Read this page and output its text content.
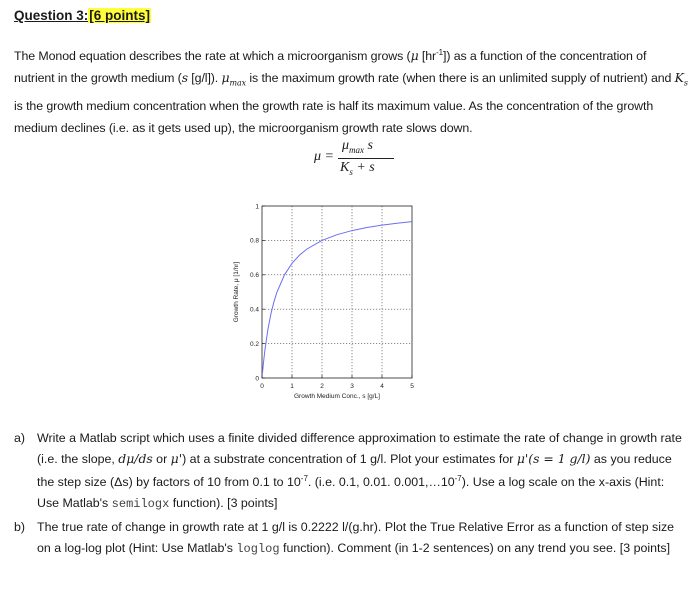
Question 3:[6 points]
The Monod equation describes the rate at which a microorganism grows (μ $[hr^{-1}]$) as a function of the concentration of nutrient in the growth medium (s [g/l]). $\mu_{max}$ is the maximum growth rate (when there is an unlimited supply of nutrient) and $K_s$ is the growth medium concentration when the growth rate is half its maximum value. As the concentration of the growth medium declines (i.e. as it gets used up), the microorganism growth rate slows down.
μ =
$\mu_{max}$ s
$K_s + s$
0	1	2	3	4	5
0
0.2
0.4
0.6
0.8
1
Growth Medium Conc., s [g/L]
Growth Rate, μ [1/hr]
a) Write a Matlab script which uses a finite divided difference approximation to estimate the rate of change in growth rate (i.e. the slope, dμ/ds or μ') at a substrate concentration of 1 g/l. Plot your estimates for μ'(s = 1 g/l) as you reduce the step size (Δs) by factors of 10 from 0.1 to $10^{-7}$. (i.e. 0.1, 0.01. $0.001,\dots 10^{-7}$). Use a log scale on the x-axis (Hint: Use Matlab's semilogx function). [3 points]
b) The true rate of change in growth rate at 1 g/l is 0.2222 l/(g.hr). Plot the True Relative Error as a function of step size on a log-log plot (Hint: Use Matlab's loglog function). Comment (in 1-2 sentences) on any trend you see. [3 points]
